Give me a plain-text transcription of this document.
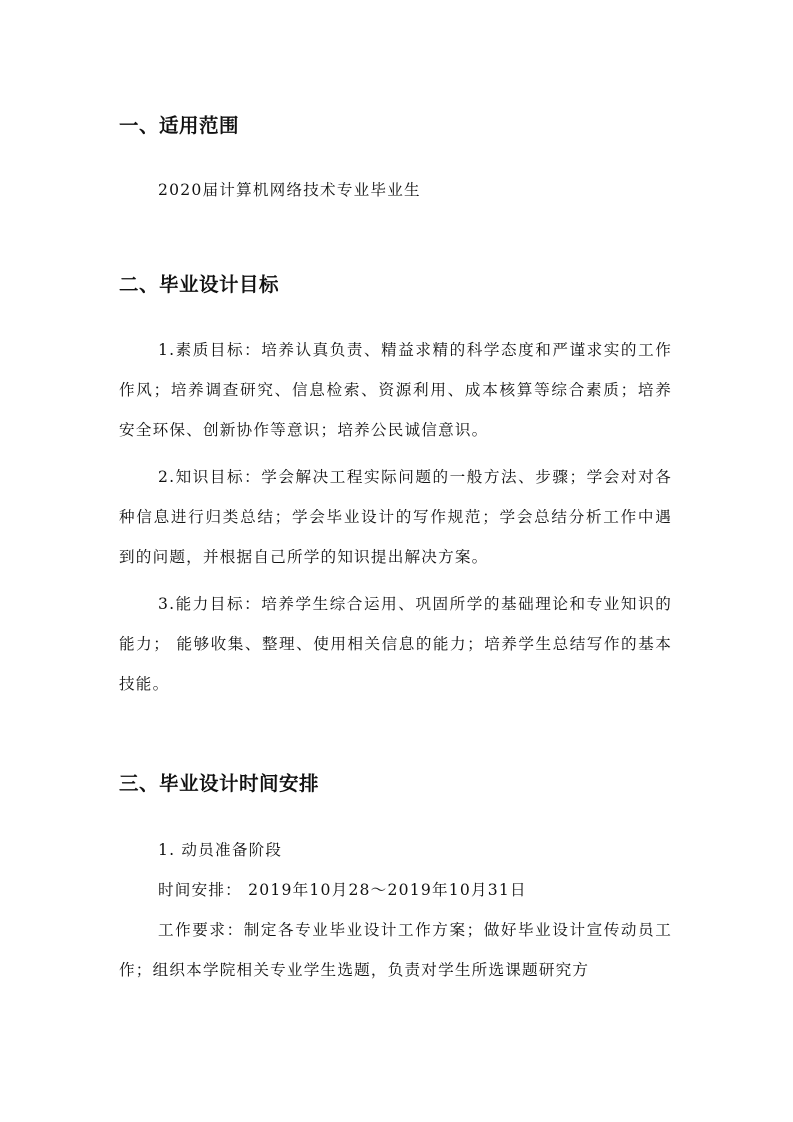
一、适用范围

2020届计算机网络技术专业毕业生

二、毕业设计目标

1.素质目标：培养认真负责、精益求精的科学态度和严谨求实的工作作风；培养调查研究、信息检索、资源利用、成本核算等综合素质；培养安全环保、创新协作等意识；培养公民诚信意识。

2.知识目标：学会解决工程实际问题的一般方法、步骤；学会对对各种信息进行归类总结；学会毕业设计的写作规范；学会总结分析工作中遇到的问题，并根据自己所学的知识提出解决方案。

3.能力目标：培养学生综合运用、巩固所学的基础理论和专业知识的能力； 能够收集、整理、使用相关信息的能力；培养学生总结写作的基本技能。

三、毕业设计时间安排

1. 动员准备阶段

时间安排： 2019年10月28～2019年10月31日

工作要求：制定各专业毕业设计工作方案；做好毕业设计宣传动员工作；组织本学院相关专业学生选题，负责对学生所选课题研究方
